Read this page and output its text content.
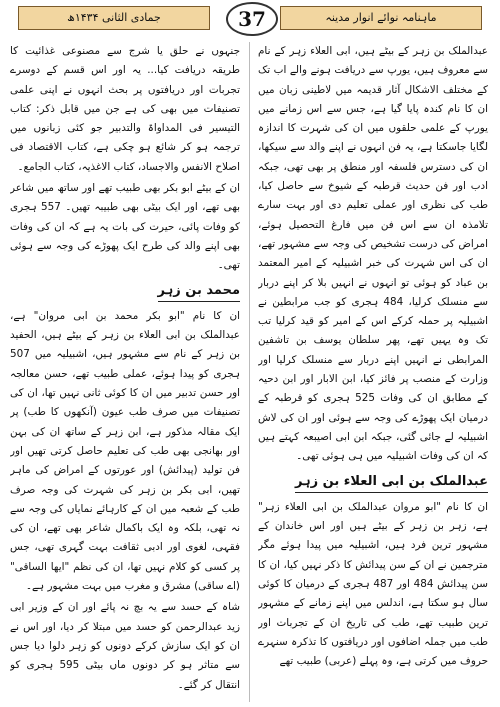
جمادی الثانی ۱۴۳۴ھ	37	ماہنامہ نوائے انوار مدینہ

عبدالملک بن زہر کے بیٹے ہیں، ابی العلاء زہر کے نام سے معروف ہیں، یورپ سے دریافت ہونے والے اب تک کے مختلف الاشکال آثار قدیمہ میں لاطینی زبان میں ان کا نام کندہ پایا گیا ہے، جس سے اس زمانے میں یورپ کے علمی حلقوں میں ان کی شہرت کا اندازہ لگایا جاسکتا ہے، یہ فن انہوں نے اپنے والد سے سیکھا، ان کی دسترس فلسفہ اور منطق پر بھی تھی، جبکہ ادب اور فن حدیث قرطبہ کے شیوخ سے حاصل کیا، طب کی نظری اور عملی تعلیم دی اور بہت سارے تلامذہ ان سے اس فن میں فارغ التحصیل ہوئے، امراض کی درست تشخیص کی وجہ سے مشہور تھے، ان کی اس شہرت کی خبر اشبیلیہ کے امیر المعتمد بن عباد کو ہوئی تو انہوں نے انہیں بلا کر اپنے دربار سے منسلک کرلیا، 484 ہجری کو جب مرابطین نے اشبیلیہ پر حملہ کرکے اس کے امیر کو قید کرلیا تب تک وہ یہیں تھے، پھر سلطان یوسف بن تاشفین المرابطی نے انہیں اپنے دربار سے منسلک کرلیا اور وزارت کے منصب پر فائز کیا، ابن الابار اور ابن دحیہ کے مطابق ان کی وفات 525 ہجری کو قرطبہ کے درمیان ایک پھوڑے کی وجہ سے ہوئی اور ان کی لاش اشبیلیہ لے جائی گئی، جبکہ ابن ابی اصیبعہ کہتے ہیں کہ ان کی وفات اشبیلیہ میں ہی ہوئی تھی۔

عبدالملک بن ابی العلاء بن زہر

ان کا نام "ابو مروان عبدالملک بن ابی العلاء زہر" ہے، زہر بن زہر کے بیٹے ہیں اور اس خاندان کے مشہور ترین فرد ہیں، اشبیلیہ میں پیدا ہوئے مگر مترجمین نے ان کے سن پیدائش کا ذکر نہیں کیا، ان کا سن پیدائش 484 اور 487 ہجری کے درمیان کا کوئی سال ہو سکتا ہے، اندلس میں اپنے زمانے کے مشہور ترین طبیب تھے، طب کی تاریخ ان کے تجربات اور طب میں جملہ اضافوں اور دریافتوں کا تذکرہ سنہرے حروف میں کرتی ہے، وہ پہلے (عربی) طبیب تھے

جنہوں نے حلق یا شرج سے مصنوعی غذائیت کا طریقہ دریافت کیا... یہ اور اس قسم کے دوسرے تجربات اور دریافتوں پر بحث انہوں نے اپنی علمی تصنیفات میں بھی کی ہے جن میں قابل ذکر: کتاب التیسیر فی المداواۃ والتدبیر جو کئی زبانوں میں ترجمہ ہو کر شائع ہو چکی ہے، کتاب الاقتصاد فی اصلاح الانفس والاجساد، کتاب الاغذیہ، کتاب الجامع۔

ان کے بیٹے ابو بکر بھی طبیب تھے اور ساتھ میں شاعر بھی تھے، اور ایک بیٹی بھی طبیبہ تھیں۔ 557 ہجری کو وفات پائی، حیرت کی بات یہ ہے کہ ان کی وفات بھی اپنے والد کی طرح ایک پھوڑے کی وجہ سے ہوئی تھی۔

محمد بن زہر

ان کا نام "ابو بکر محمد بن ابی مروان" ہے، عبدالملک بن ابی العلاء بن زہر کے بیٹے ہیں، الحفید بن زہر کے نام سے مشہور ہیں، اشبیلیہ میں 507 ہجری کو پیدا ہوئے، عملی طبیب تھے، حسن معالجہ اور حسن تدبیر میں ان کا کوئی ثانی نہیں تھا، ان کی تصنیفات میں صرف طب عیون (آنکھوں کا طب) پر ایک مقالہ مذکور ہے، ابن زہر کے ساتھ ان کی بہن اور بھانجی بھی طب کی تعلیم حاصل کرتی تھیں اور فن تولید (پیدائش) اور عورتوں کے امراض کی ماہر تھیں، ابی بکر بن زہر کی شہرت کی وجہ صرف طب کے شعبہ میں ان کے کارہائے نمایاں کی وجہ سے نہ تھی، بلکہ وہ ایک باکمال شاعر بھی تھے، ان کی فقہی، لغوی اور ادبی ثقافت بہت گہری تھی، جس پر کسی کو کلام نہیں تھا، ان کی نظم "ایھا الساقی" (اے ساقی) مشرق و مغرب میں بہت مشہور ہے۔

شاہ کے حسد سے یہ بچ نہ پائے اور ان کے وزیر ابی زید عبدالرحمن کو حسد میں مبتلا کر دیا، اور اس نے ان کو ایک سازش کرکے دونوں کو زہر دلوا دیا جس سے متاثر ہو کر دونوں ماں بیٹی 595 ہجری کو انتقال کر گئے۔
